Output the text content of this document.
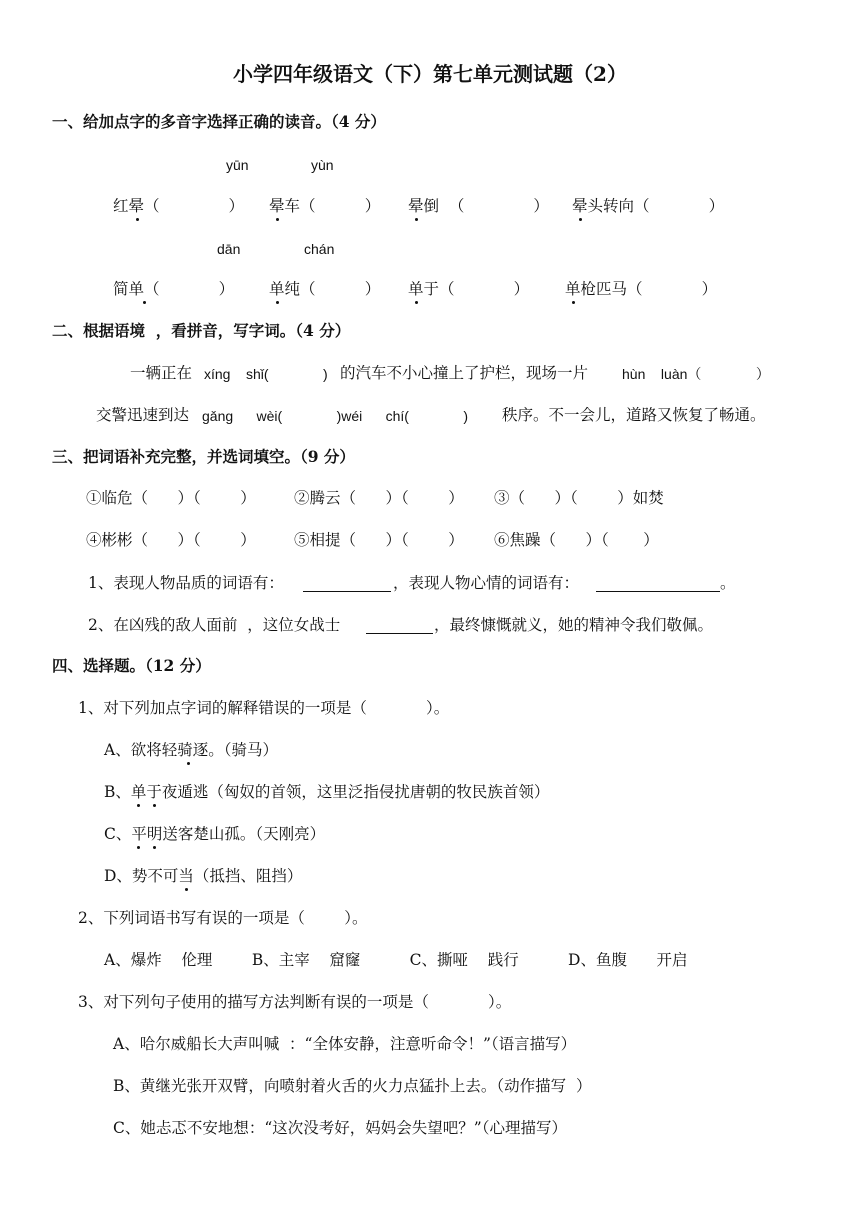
小学四年级语文（下）第七单元测试题（2）
一、给加点字的多音字选择正确的读音。（4 分）
yūn	yùn
红晕（              ） 晕车（          ） 晕倒  （              ） 晕头转向（            ）
dān	chán
简单（            ） 单纯（          ） 单于（            ） 单枪匹马（            ）
二、根据语境  ，看拼音，写字词。（4 分）
一辆正在 xíng    shǐ(              ) 的汽车不小心撞上了护栏，现场一片 hùn    luàn（              ）
交警迅速到达 gǎng      wèi(              )wéi      chí(              ) 秩序。不一会儿，道路又恢复了畅通。
三、把词语补充完整，并选词填空。（9 分）
①临危（      ）（        ） ②腾云（      ）（        ） ③（      ）（        ）如焚
④彬彬（      ）（        ） ⑤相提（      ）（        ） ⑥焦躁（      ）（       ）
1、表现人物品质的词语有：	，表现人物心情的词语有：	。
2、在凶残的敌人面前  ，这位女战士	，最终慷慨就义，她的精神令我们敬佩。
四、选择题。（12 分）
1、对下列加点字词的解释错误的一项是（            ）。
A、欲将轻骑逐。（骑马）
B、单于夜遁逃（匈奴的首领，这里泛指侵扰唐朝的牧民族首领）
C、平明送客楚山孤。（天刚亮）
D、势不可当（抵挡、阻挡）
2、下列词语书写有误的一项是（        ）。
A、爆炸    伦理        B、主宰    窟窿          C、撕哑    践行          D、鱼腹      开启
3、对下列句子使用的描写方法判断有误的一项是（            ）。
A、哈尔威船长大声叫喊  ：“全体安静，注意听命令！”（语言描写）
B、黄继光张开双臂，向喷射着火舌的火力点猛扑上去。（动作描写  ）
C、她忐忑不安地想：“这次没考好，妈妈会失望吧？”（心理描写）
